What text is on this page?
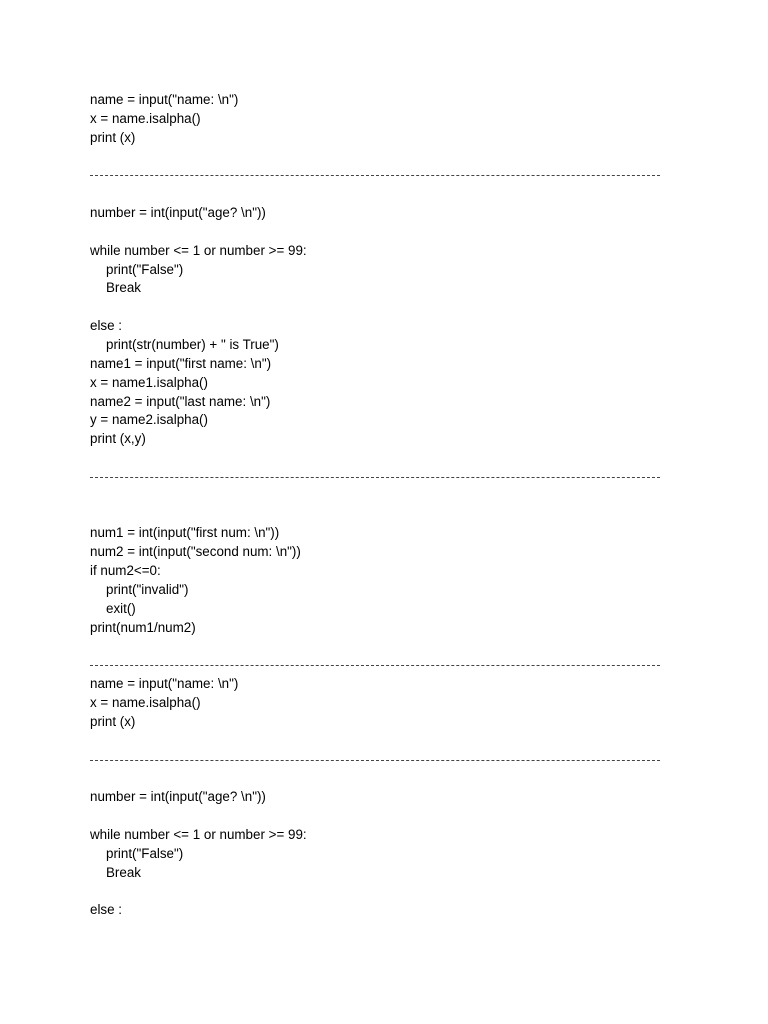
name = input("name: \n")
x = name.isalpha()
print (x)
number = int(input("age? \n"))
while number <= 1 or number >= 99:
print("False")
Break
else :
print(str(number) + " is True")
name1 = input("first name: \n")
x = name1.isalpha()
name2 = input("last name: \n")
y = name2.isalpha()
print (x,y)
num1 = int(input("first num: \n"))
num2 = int(input("second num: \n"))
if num2<=0:
print("invalid")
exit()
print(num1/num2)
name = input("name: \n")
x = name.isalpha()
print (x)
number = int(input("age? \n"))
while number <= 1 or number >= 99:
print("False")
Break
else :
